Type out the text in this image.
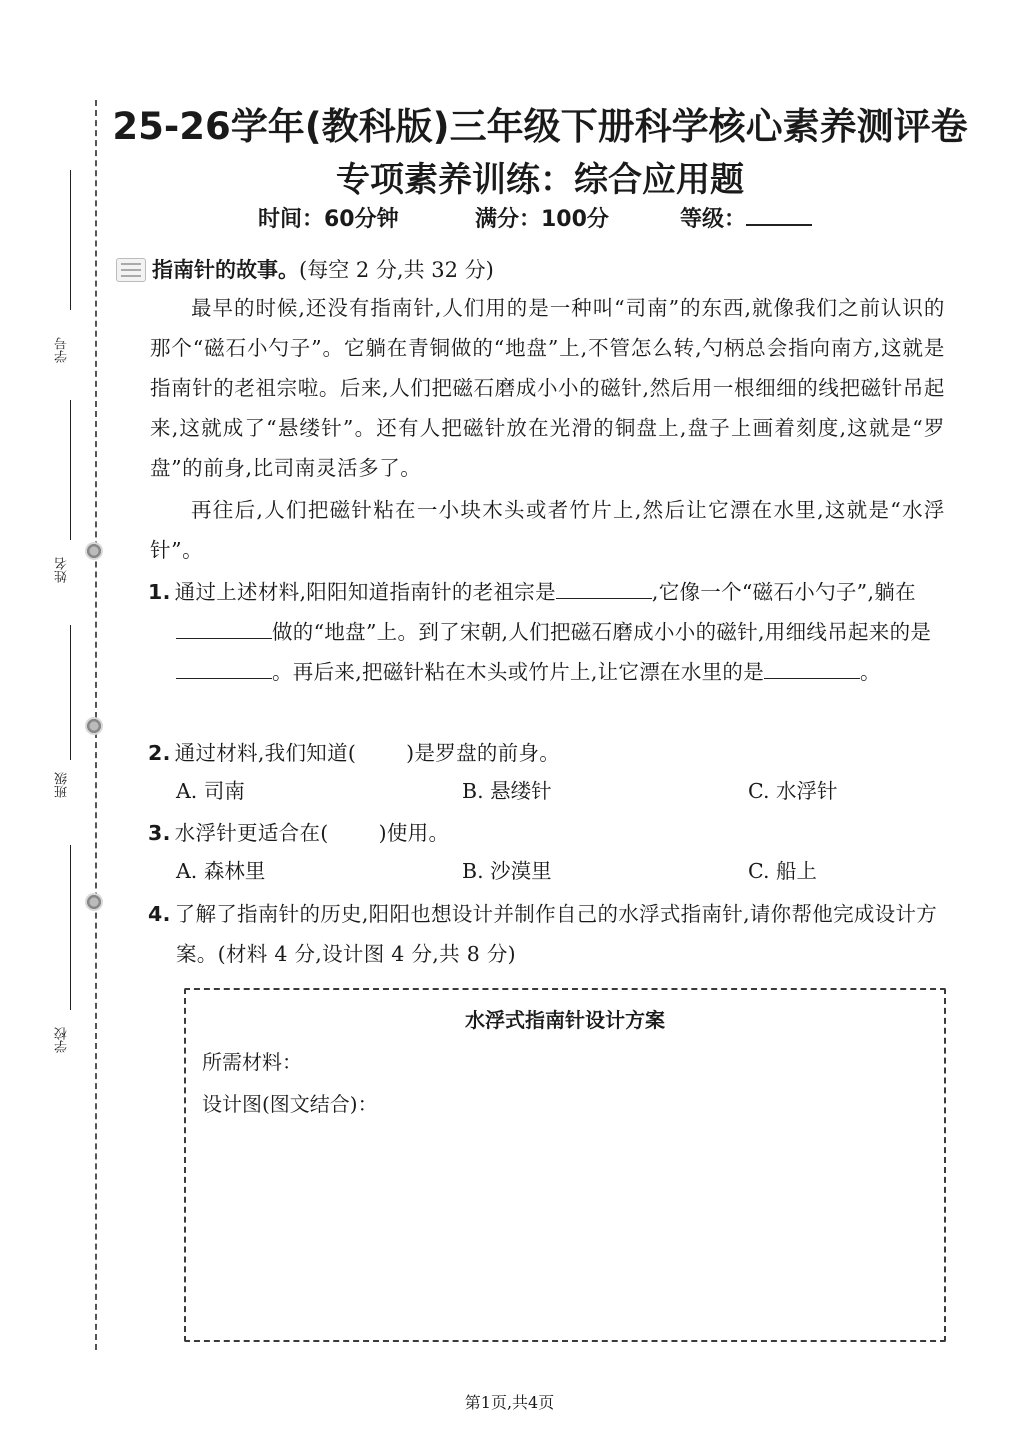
学号
姓名
班级
学校
25-26学年(教科版)三年级下册科学核心素养测评卷
专项素养训练：综合应用题
时间：60分钟	满分：100分	等级：
指南针的故事。(每空 2 分,共 32 分)
最早的时候,还没有指南针,人们用的是一种叫“司南”的东西,就像我们之前认识的那个“磁石小勺子”。它躺在青铜做的“地盘”上,不管怎么转,勺柄总会指向南方,这就是指南针的老祖宗啦。后来,人们把磁石磨成小小的磁针,然后用一根细细的线把磁针吊起来,这就成了“悬缕针”。还有人把磁针放在光滑的铜盘上,盘子上画着刻度,这就是“罗盘”的前身,比司南灵活多了。
再往后,人们把磁针粘在一小块木头或者竹片上,然后让它漂在水里,这就是“水浮针”。
1. 通过上述材料,阳阳知道指南针的老祖宗是	,它像一个“磁石小勺子”,躺在做的“地盘”上。到了宋朝,人们把磁石磨成小小的磁针,用细线吊起来的是。再后来,把磁针粘在木头或竹片上,让它漂在水里的是	。
2. 通过材料,我们知道( )是罗盘的前身。
A. 司南	B. 悬缕针	C. 水浮针
3. 水浮针更适合在( )使用。
A. 森林里	B. 沙漠里	C. 船上
4. 了解了指南针的历史,阳阳也想设计并制作自己的水浮式指南针,请你帮他完成设计方案。(材料 4 分,设计图 4 分,共 8 分)
水浮式指南针设计方案
所需材料：
设计图(图文结合)：
第1页,共4页
